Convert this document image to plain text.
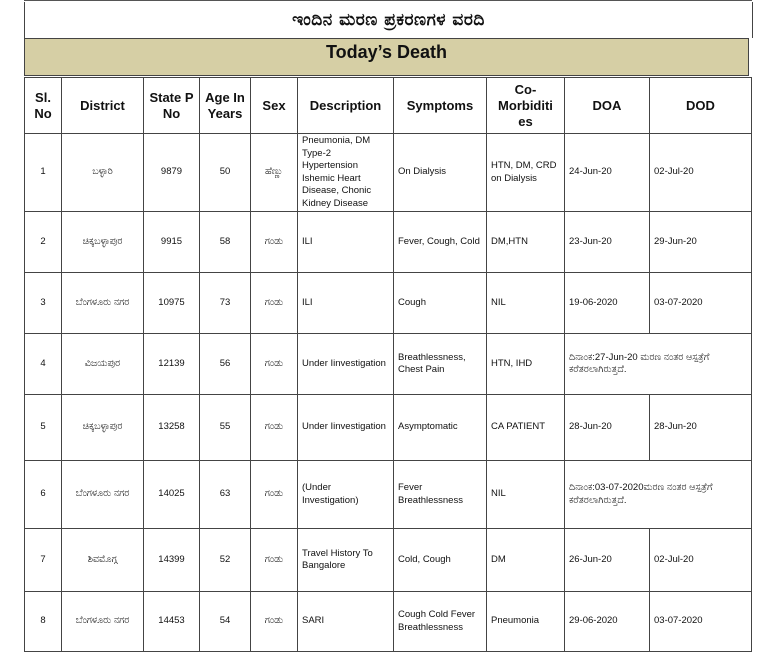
ಇಂದಿನ ಮರಣ ಪ್ರಕರಣಗಳ ವರದಿ
Today’s Death
Sl. No	District	State P No	Age In Years	Sex	Description	Symptoms	Co-Morbiditi es	DOA	DOD
1	ಬಳ್ಳಾರಿ	9879	50	ಹೆಣ್ಣು	Pneumonia, DM Type-2 Hypertension Ishemic Heart Disease, Chonic Kidney Disease	On Dialysis	HTN, DM, CRD on Dialysis	24-Jun-20	02-Jul-20
2	ಚಿಕ್ಕಬಳ್ಳಾಪುರ	9915	58	ಗಂಡು	ILI	Fever, Cough, Cold	DM,HTN	23-Jun-20	29-Jun-20
3	ಬೆಂಗಳೂರು ನಗರ	10975	73	ಗಂಡು	ILI	Cough	NIL	19-06-2020	03-07-2020
4	ವಿಜಯಪುರ	12139	56	ಗಂಡು	Under Iinvestigation	Breathlessness, Chest Pain	HTN, IHD	ದಿನಾಂಕ:27-Jun-20 ಮರಣ ನಂತರ ಆಸ್ಪತ್ರೆಗೆ ಕರೆತರಲಾಗಿರುತ್ತದೆ.	
5	ಚಿಕ್ಕಬಳ್ಳಾಪುರ	13258	55	ಗಂಡು	Under Iinvestigation	Asymptomatic	CA PATIENT	28-Jun-20	28-Jun-20
6	ಬೆಂಗಳೂರು ನಗರ	14025	63	ಗಂಡು	(Under Investigation)	Fever Breathlessness	NIL	ದಿನಾಂಕ:03-07-2020ಮರಣ ನಂತರ ಆಸ್ಪತ್ರೆಗೆ ಕರೆತರಲಾಗಿರುತ್ತದೆ.	
7	ಶಿವಮೊಗ್ಗ	14399	52	ಗಂಡು	Travel History To Bangalore	Cold, Cough	DM	26-Jun-20	02-Jul-20
8	ಬೆಂಗಳೂರು ನಗರ	14453	54	ಗಂಡು	SARI	Cough Cold Fever Breathlessness	Pneumonia	29-06-2020	03-07-2020
